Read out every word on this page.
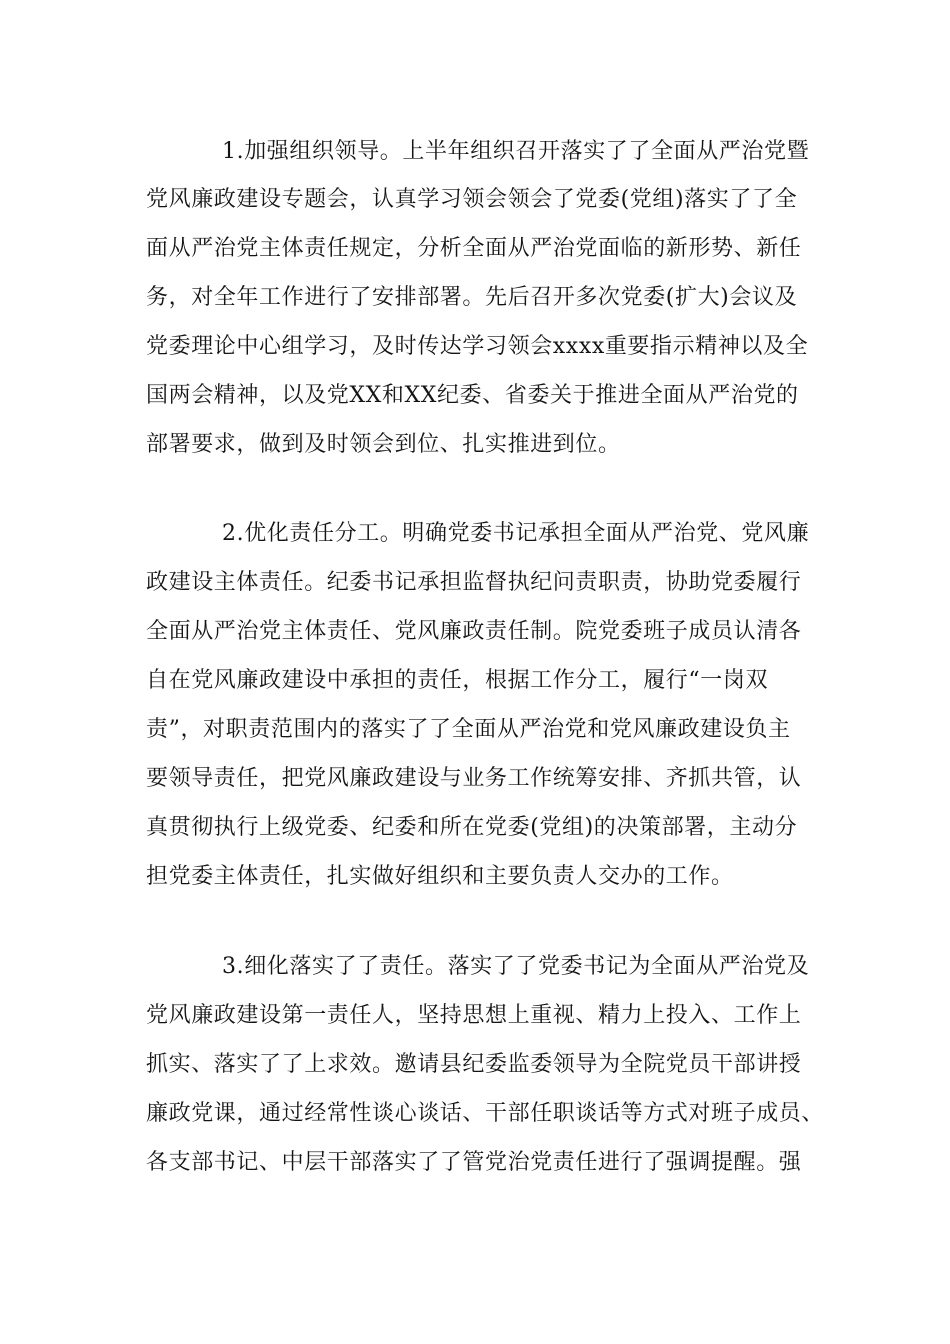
1.加强组织领导。上半年组织召开落实了了全面从严治党暨
党风廉政建设专题会，认真学习领会领会了党委(党组)落实了了全
面从严治党主体责任规定，分析全面从严治党面临的新形势、新任
务，对全年工作进行了安排部署。先后召开多次党委(扩大)会议及
党委理论中心组学习，及时传达学习领会xxxx重要指示精神以及全
国两会精神，以及党XX和XX纪委、省委关于推进全面从严治党的
部署要求，做到及时领会到位、扎实推进到位。
2.优化责任分工。明确党委书记承担全面从严治党、党风廉
政建设主体责任。纪委书记承担监督执纪问责职责，协助党委履行
全面从严治党主体责任、党风廉政责任制。院党委班子成员认清各
自在党风廉政建设中承担的责任，根据工作分工，履行“一岗双
责”，对职责范围内的落实了了全面从严治党和党风廉政建设负主
要领导责任，把党风廉政建设与业务工作统筹安排、齐抓共管，认
真贯彻执行上级党委、纪委和所在党委(党组)的决策部署，主动分
担党委主体责任，扎实做好组织和主要负责人交办的工作。
3.细化落实了了责任。落实了了党委书记为全面从严治党及
党风廉政建设第一责任人，坚持思想上重视、精力上投入、工作上
抓实、落实了了上求效。邀请县纪委监委领导为全院党员干部讲授
廉政党课，通过经常性谈心谈话、干部任职谈话等方式对班子成员、
各支部书记、中层干部落实了了管党治党责任进行了强调提醒。强
